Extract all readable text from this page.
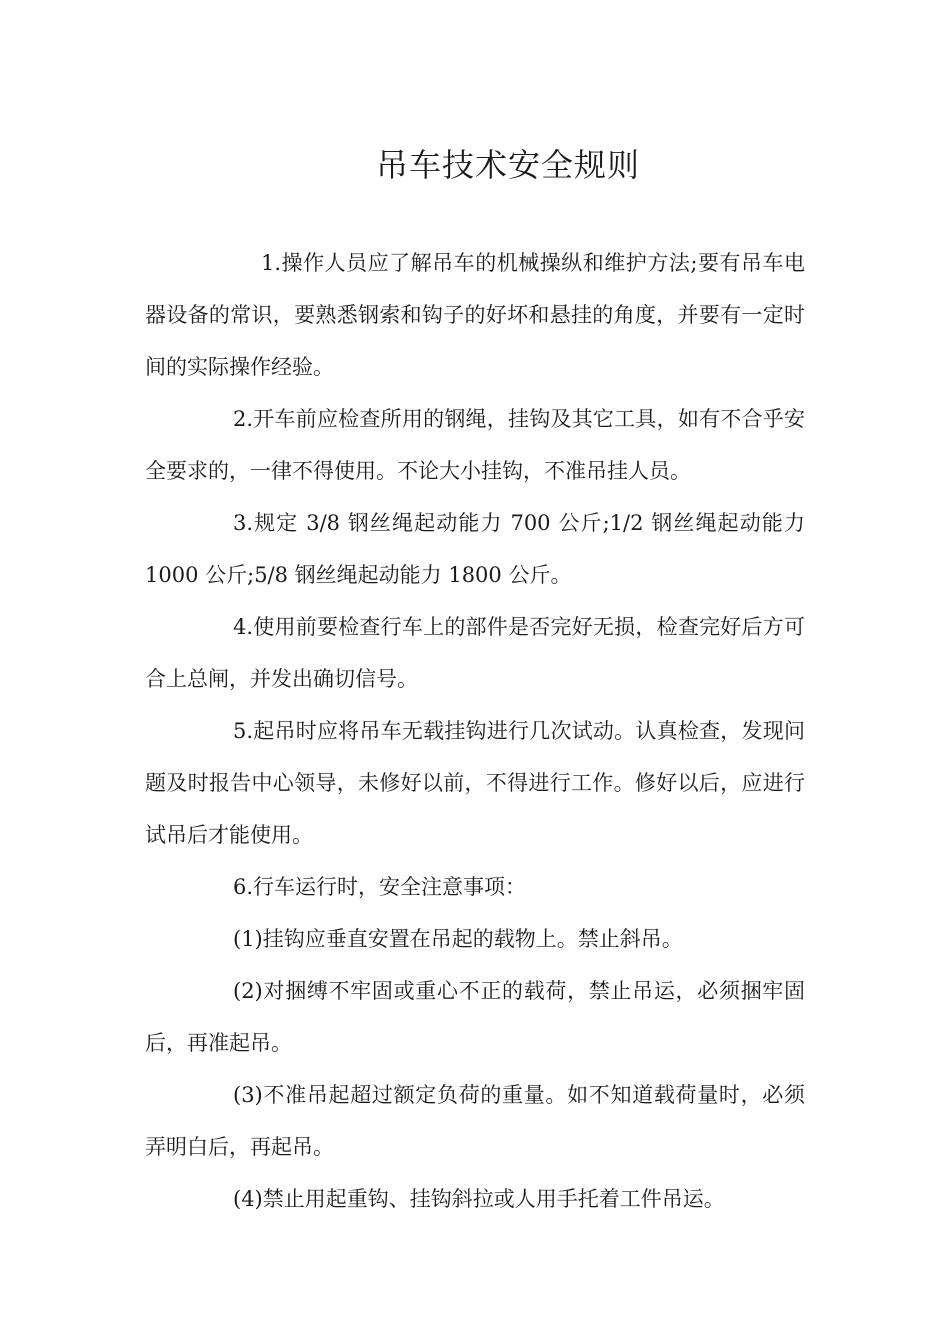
吊车技术安全规则

1.操作人员应了解吊车的机械操纵和维护方法;要有吊车电器设备的常识，要熟悉钢索和钩子的好坏和悬挂的角度，并要有一定时间的实际操作经验。

2.开车前应检查所用的钢绳，挂钩及其它工具，如有不合乎安全要求的，一律不得使用。不论大小挂钩，不准吊挂人员。

3.规定 3/8 钢丝绳起动能力 700 公斤;1/2 钢丝绳起动能力 1000 公斤;5/8 钢丝绳起动能力 1800 公斤。

4.使用前要检查行车上的部件是否完好无损，检查完好后方可合上总闸，并发出确切信号。

5.起吊时应将吊车无载挂钩进行几次试动。认真检查，发现问题及时报告中心领导，未修好以前，不得进行工作。修好以后，应进行试吊后才能使用。

6.行车运行时，安全注意事项：

(1)挂钩应垂直安置在吊起的载物上。禁止斜吊。

(2)对捆缚不牢固或重心不正的载荷，禁止吊运，必须捆牢固后，再准起吊。

(3)不准吊起超过额定负荷的重量。如不知道载荷量时，必须弄明白后，再起吊。

(4)禁止用起重钩、挂钩斜拉或人用手托着工件吊运。
